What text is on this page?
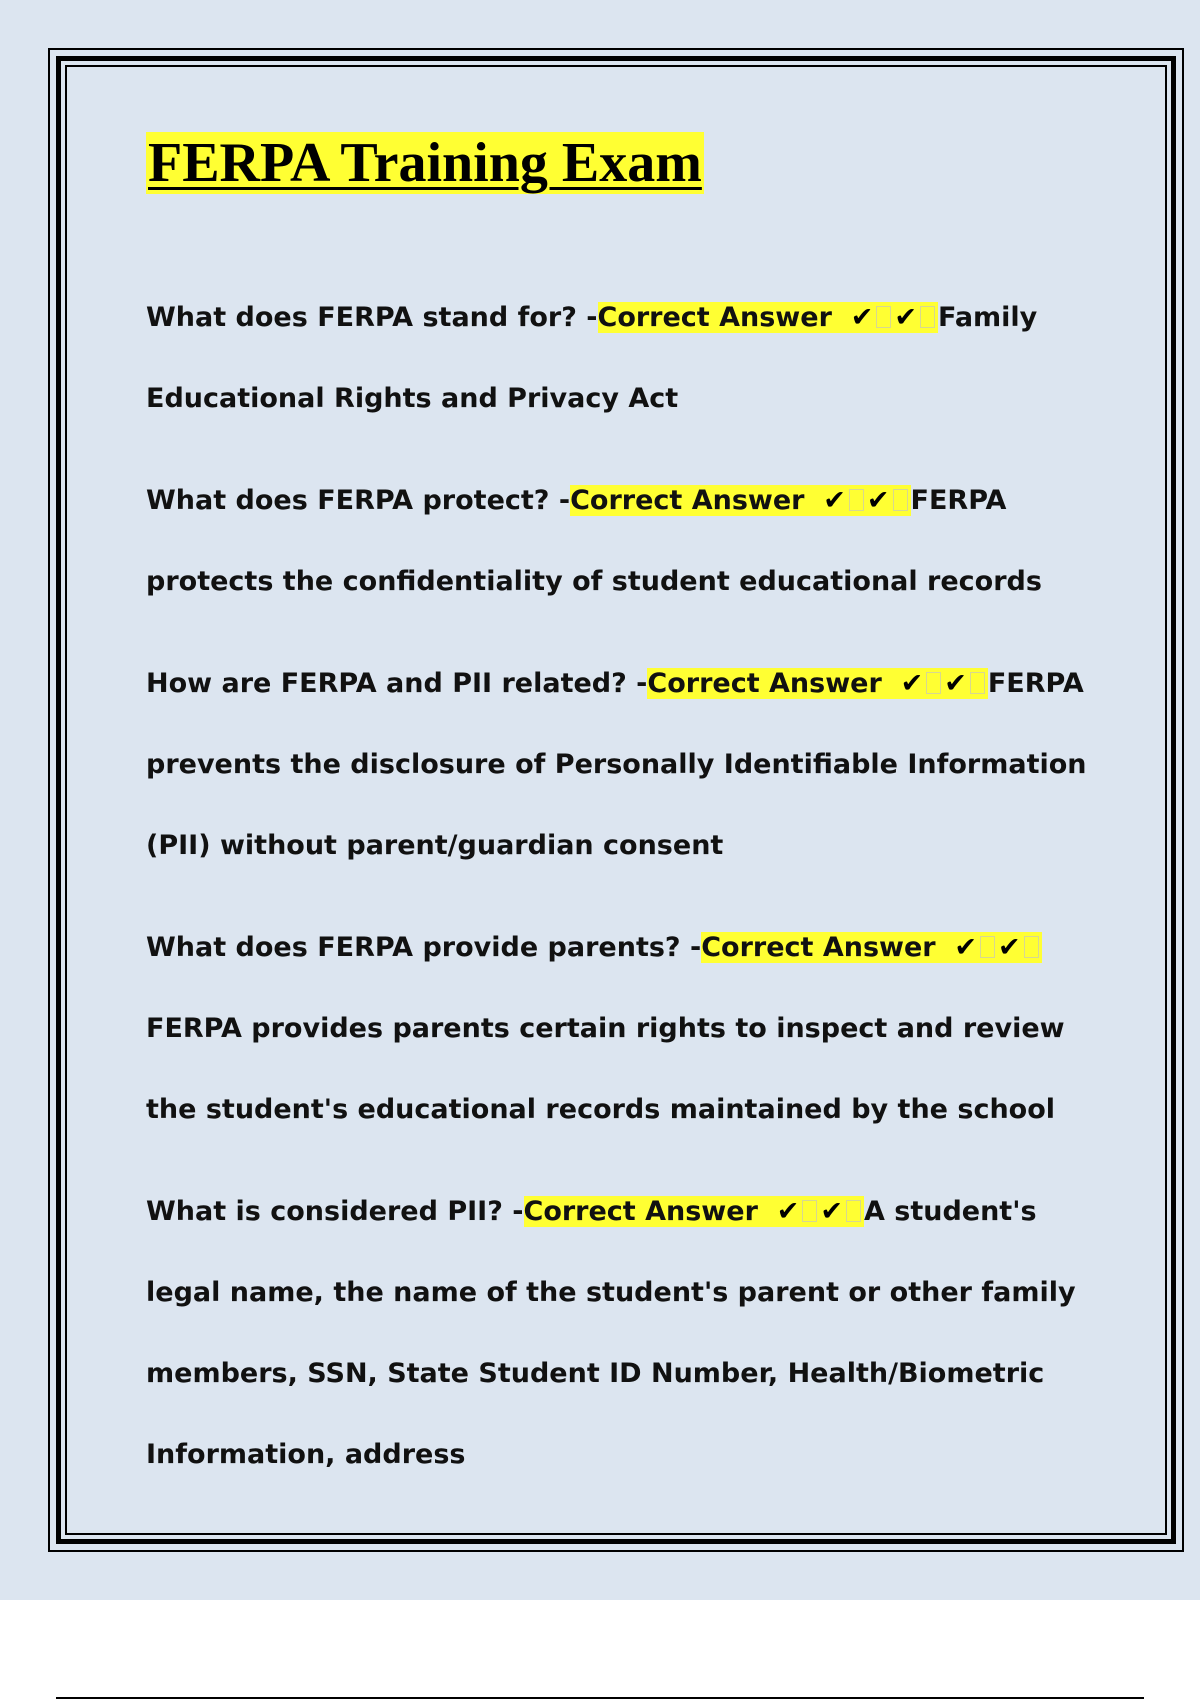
FERPA Training Exam
What does FERPA stand for? -Correct Answer ✔ ✔ Family Educational Rights and Privacy Act
What does FERPA protect? -Correct Answer ✔ ✔ FERPA protects the confidentiality of student educational records
How are FERPA and PII related? -Correct Answer ✔ ✔ FERPA prevents the disclosure of Personally Identifiable Information (PII) without parent/guardian consent
What does FERPA provide parents? -Correct Answer ✔ ✔FERPA provides parents certain rights to inspect and review the student's educational records maintained by the school
What is considered PII? -Correct Answer ✔ ✔ A student's legal name, the name of the student's parent or other family members, SSN, State Student ID Number, Health/Biometric Information, address
